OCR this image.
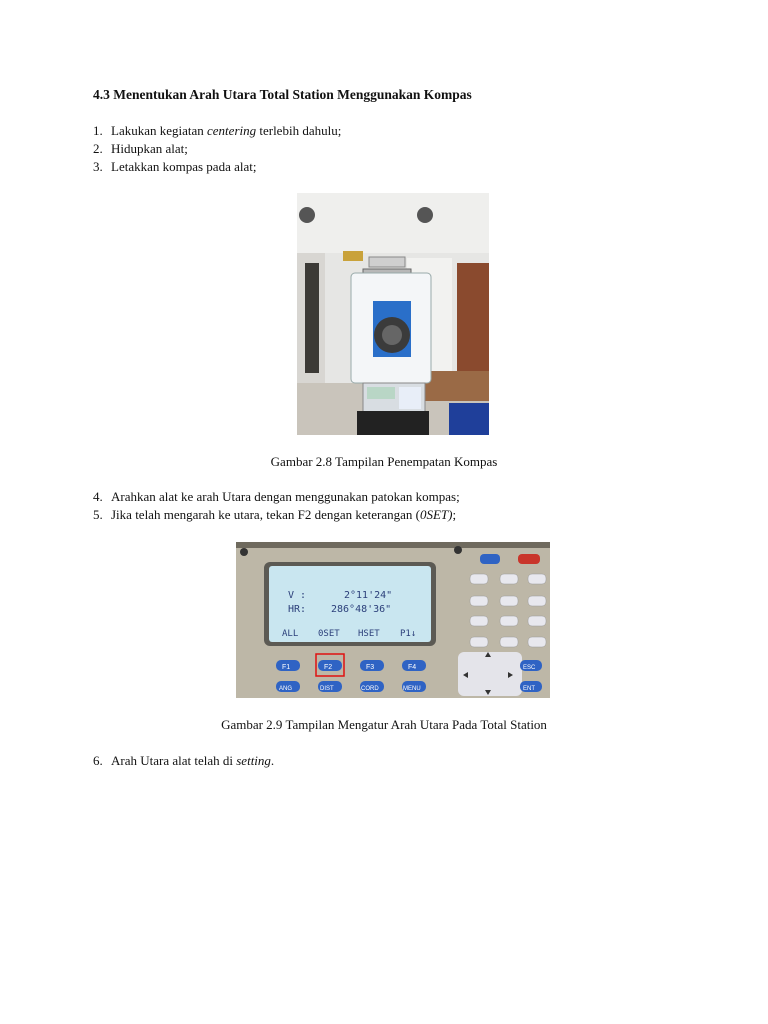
4.3 Menentukan Arah Utara Total Station Menggunakan Kompas
1. Lakukan kegiatan centering terlebih dahulu;
2. Hidupkan alat;
3. Letakkan kompas pada alat;
Gambar 2.8 Tampilan Penempatan Kompas
4. Arahkan alat ke arah Utara dengan menggunakan patokan kompas;
5. Jika telah mengarah ke utara, tekan F2 dengan keterangan (0SET);
V :	2°11'24"
HR: 286°48'36"
ALL 0SET HSET P1↓
F1	F2	F3	F4
ANG	DIST	CORD	MENU
ESC
ENT
Gambar 2.9 Tampilan Mengatur Arah Utara Pada Total Station
6. Arah Utara alat telah di setting.
